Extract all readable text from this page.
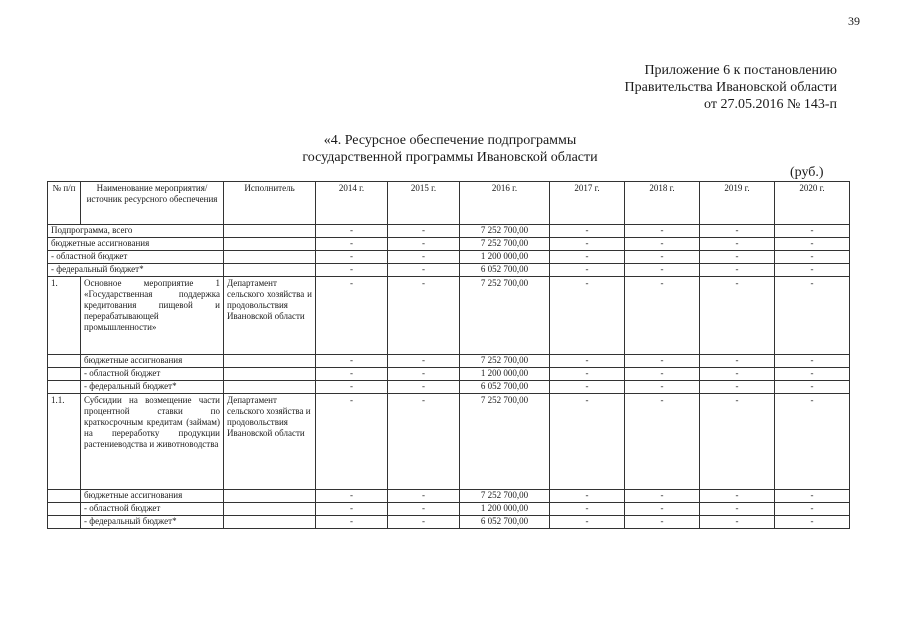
39
Приложение 6 к постановлению
Правительства Ивановской области
от 27.05.2016 № 143-п
«4. Ресурсное обеспечение подпрограммы
государственной программы Ивановской области
(руб.)
№ п/п	Наименование мероприятия/ источник ресурсного обеспечения	Исполнитель	2014 г.	2015 г.	2016 г.	2017 г.	2018 г.	2019 г.	2020 г.
Подпрограмма, всего			-	-	7 252 700,00	-	-	-	-
бюджетные ассигнования			-	-	7 252 700,00	-	-	-	-
- областной бюджет			-	-	1 200 000,00	-	-	-	-
- федеральный бюджет*			-	-	6 052 700,00	-	-	-	-
1.	Основное мероприятие 1 «Государственная поддержка кредитования пищевой и перерабатывающей промышленности»	Департамент сельского хозяйства и продовольствия Ивановской области	-	-	7 252 700,00	-	-	-	-
	бюджетные ассигнования		-	-	7 252 700,00	-	-	-	-
	- областной бюджет		-	-	1 200 000,00	-	-	-	-
	- федеральный бюджет*		-	-	6 052 700,00	-	-	-	-
1.1.	Субсидии на возмещение части процентной ставки по краткосрочным кредитам (займам) на переработку продукции растениеводства и животноводства	Департамент сельского хозяйства и продовольствия Ивановской области	-	-	7 252 700,00	-	-	-	-
	бюджетные ассигнования		-	-	7 252 700,00	-	-	-	-
	- областной бюджет		-	-	1 200 000,00	-	-	-	-
	- федеральный бюджет*		-	-	6 052 700,00	-	-	-	-
